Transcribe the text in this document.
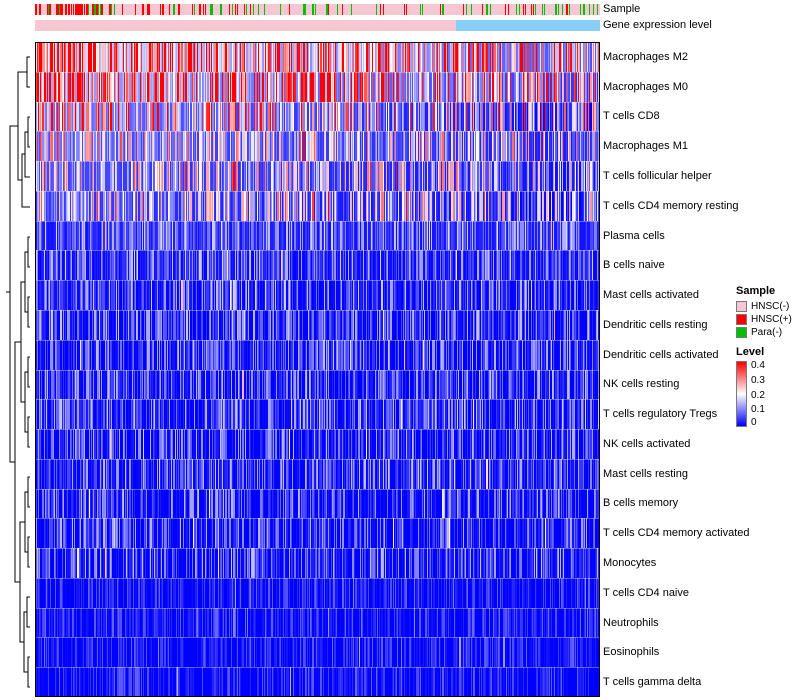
Sample
Gene expression level
Macrophages M2
Macrophages M0
T cells CD8
Macrophages M1
T cells follicular helper
T cells CD4 memory resting
Plasma cells
B cells naive
Mast cells activated
Dendritic cells resting
Dendritic cells activated
NK cells resting
T cells regulatory Tregs
NK cells activated
Mast cells resting
B cells memory
T cells CD4 memory activated
Monocytes
T cells CD4 naive
Neutrophils
Eosinophils
T cells gamma delta
Sample
HNSC(-)
HNSC(+)
Para(-)
Level
0.4
0.3
0.2
0.1
0
